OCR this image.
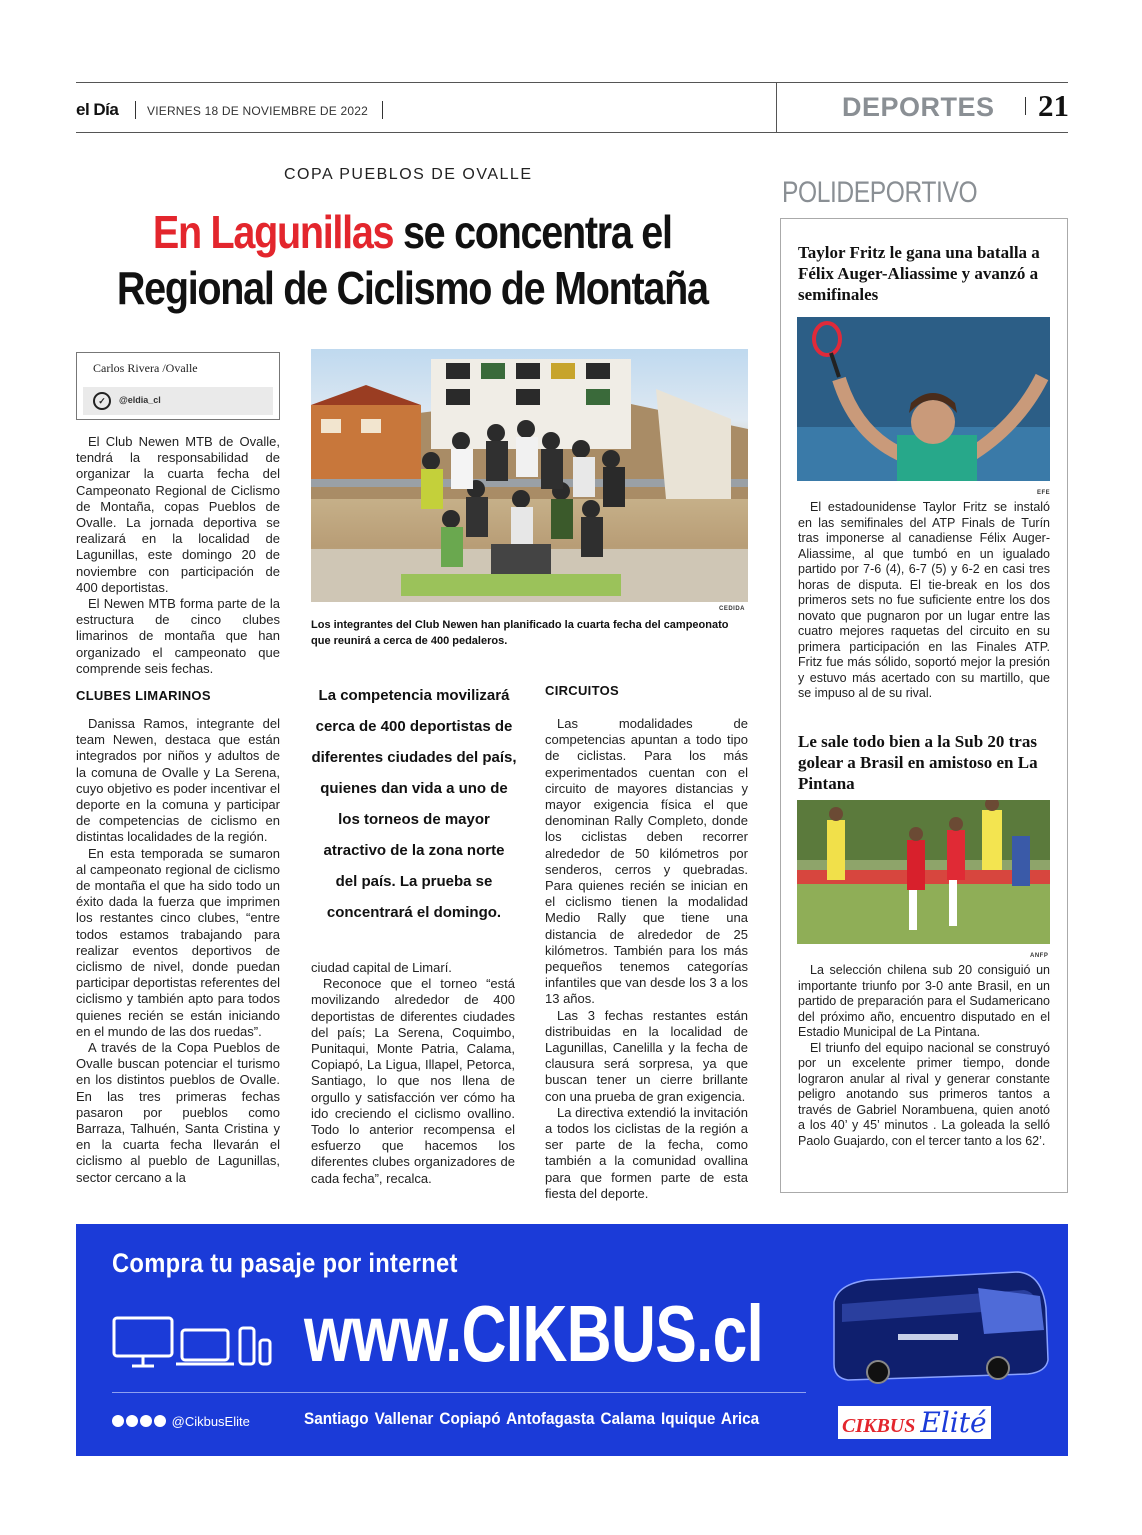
el Día VIERNES 18 DE NOVIEMBRE DE 2022	DEPORTES 21
COPA PUEBLOS DE OVALLE
En Lagunillas se concentra el
Regional de Ciclismo de Montaña
Carlos Rivera /Ovalle
✓	@eldia_cl

El Club Newen MTB de Ovalle, tendrá la responsabilidad de organizar la cuarta fecha del Campeonato Regional de Ciclismo de Montaña, copas Pueblos de Ovalle. La jornada deportiva se realizará en la localidad de Lagunillas, este domingo 20 de noviembre con participación de 400 deportistas.

El Newen MTB forma parte de la estructura de cinco clubes limarinos de montaña que han organizado el campeonato que comprende seis fechas.

CLUBES LIMARINOS

Danissa Ramos, integrante del team Newen, destaca que están integrados por niños y adultos de la comuna de Ovalle y La Serena, cuyo objetivo es poder incentivar el deporte en la comuna y participar de competencias de ciclismo en distintas localidades de la región.

En esta temporada se sumaron al campeonato regional de ciclismo de montaña el que ha sido todo un éxito dada la fuerza que imprimen los restantes cinco clubes, “entre todos estamos trabajando para realizar eventos deportivos de ciclismo de nivel, donde puedan participar deportistas referentes del ciclismo y también apto para todos quienes recién se están iniciando en el mundo de las dos ruedas”.

A través de la Copa Pueblos de Ovalle buscan potenciar el turismo en los distintos pueblos de Ovalle. En las tres primeras fechas pasaron por pueblos como Barraza, Talhuén, Santa Cristina y en la cuarta fecha llevarán el ciclismo al pueblo de Lagunillas, sector cercano a la

CEDIDA
Los integrantes del Club Newen han planificado la cuarta fecha del campeonato que reunirá a cerca de 400 pedaleros.
La competencia movilizará cerca de 400 deportistas de diferentes ciudades del país, quienes dan vida a uno de los torneos de mayor atractivo de la zona norte del país. La prueba se concentrará el domingo.

ciudad capital de Limarí.

Reconoce que el torneo “está movilizando alrededor de 400 deportistas de diferentes ciudades del país; La Serena, Coquimbo, Punitaqui, Monte Patria, Calama, Copiapó, La Ligua, Illapel, Petorca, Santiago, lo que nos llena de orgullo y satisfacción ver cómo ha ido creciendo el ciclismo ovallino. Todo lo anterior recompensa el esfuerzo que hacemos los diferentes clubes organizadores de cada fecha”, recalca.

CIRCUITOS

Las modalidades de competencias apuntan a todo tipo de ciclistas. Para los más experimentados cuentan con el circuito de mayores distancias y mayor exigencia física el que denominan Rally Completo, donde los ciclistas deben recorrer alrededor de 50 kilómetros por senderos, cerros y quebradas. Para quienes recién se inician en el ciclismo tienen la modalidad Medio Rally que tiene una distancia de alrededor de 25 kilómetros. También para los más pequeños tenemos categorías infantiles que van desde los 3 a los 13 años.

Las 3 fechas restantes están distribuidas en la localidad de Lagunillas, Canelilla y la fecha de clausura será sorpresa, ya que buscan tener un cierre brillante con una prueba de gran exigencia.

La directiva extendió la invitación a todos los ciclistas de la región a ser parte de la fecha, como también a la comunidad ovallina para que formen parte de esta fiesta del deporte.

POLIDEPORTIVO
Taylor Fritz le gana una batalla a Félix Auger-Aliassime y avanzó a semifinales
EFE

El estadounidense Taylor Fritz se instaló en las semifinales del ATP Finals de Turín tras imponerse al canadiense Félix Auger-Aliassime, al que tumbó en un igualado partido por 7-6 (4), 6-7 (5) y 6-2 en casi tres horas de disputa. El tie-break en los dos primeros sets no fue suficiente entre los dos novato que pugnaron por un lugar entre las cuatro mejores raquetas del circuito en su primera participación en las Finales ATP. Fritz fue más sólido, soportó mejor la presión y estuvo más acertado con su martillo, que se impuso al de su rival.

Le sale todo bien a la Sub 20 tras golear a Brasil en amistoso en La Pintana
ANFP

La selección chilena sub 20 consiguió un importante triunfo por 3-0 ante Brasil, en un partido de preparación para el Sudamericano del próximo año, encuentro disputado en el Estadio Municipal de La Pintana.

El triunfo del equipo nacional se construyó por un excelente primer tiempo, donde lograron anular al rival y generar constante peligro anotando sus primeros tantos a través de Gabriel Norambuena, quien anotó a los 40’ y 45’ minutos . La goleada la selló Paolo Guajardo, con el tercer tanto a los 62’.

Compra tu pasaje por internet
www.CIKBUS.cl
@CikbusElite	Santiago Vallenar Copiapó Antofagasta Calama Iquique Arica	CIKBUS Elité
